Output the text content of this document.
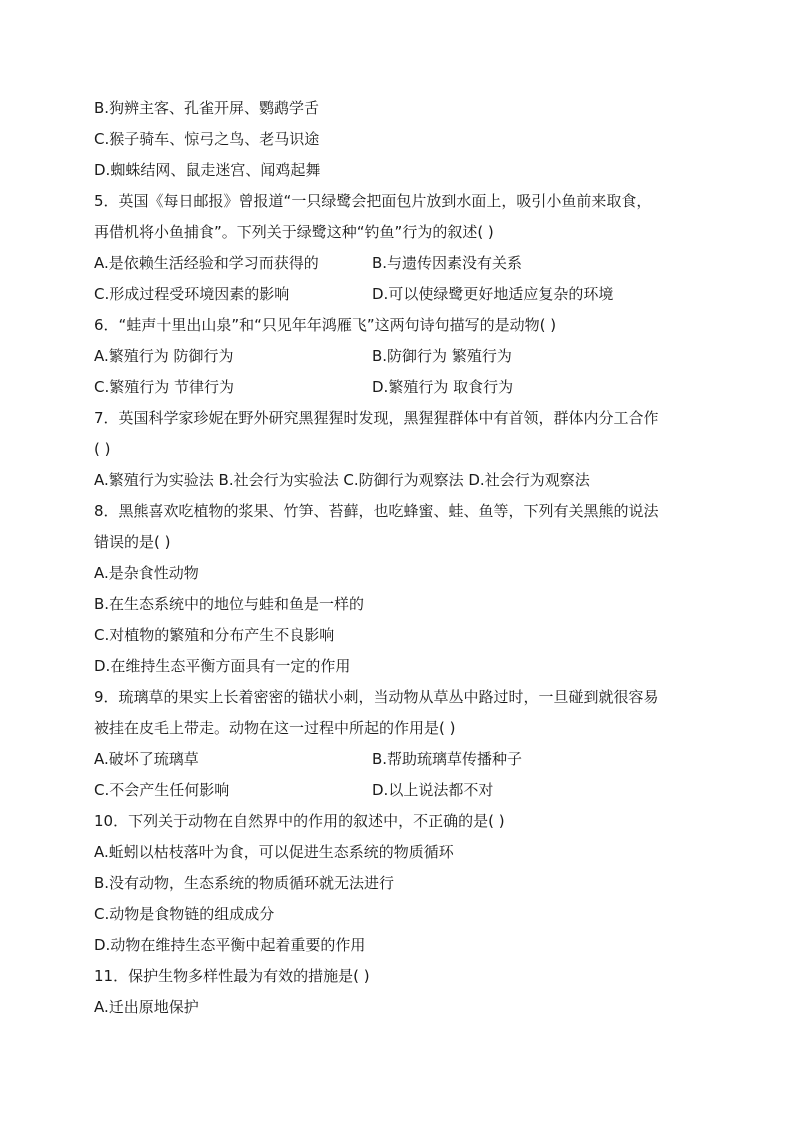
B.狗辨主客、孔雀开屏、鹦鹉学舌
C.猴子骑车、惊弓之鸟、老马识途
D.蜘蛛结网、鼠走迷宫、闻鸡起舞
5．英国《每日邮报》曾报道“一只绿鹭会把面包片放到水面上，吸引小鱼前来取食，
再借机将小鱼捕食”。下列关于绿鹭这种“钓鱼”行为的叙述( )
A.是依赖生活经验和学习而获得的	B.与遗传因素没有关系
C.形成过程受环境因素的影响	D.可以使绿鹭更好地适应复杂的环境
6．“蛙声十里出山泉”和“只见年年鸿雁飞”这两句诗句描写的是动物( )
A.繁殖行为 防御行为	B.防御行为 繁殖行为
C.繁殖行为 节律行为	D.繁殖行为 取食行为
7．英国科学家珍妮在野外研究黑猩猩时发现，黑猩猩群体中有首领，群体内分工合作
( )
A.繁殖行为实验法 B.社会行为实验法 C.防御行为观察法 D.社会行为观察法
8．黑熊喜欢吃植物的浆果、竹笋、苔藓，也吃蜂蜜、蛙、鱼等，下列有关黑熊的说法
错误的是( )
A.是杂食性动物
B.在生态系统中的地位与蛙和鱼是一样的
C.对植物的繁殖和分布产生不良影响
D.在维持生态平衡方面具有一定的作用
9．琉璃草的果实上长着密密的锚状小刺，当动物从草丛中路过时，一旦碰到就很容易
被挂在皮毛上带走。动物在这一过程中所起的作用是( )
A.破坏了琉璃草	B.帮助琉璃草传播种子
C.不会产生任何影响	D.以上说法都不对
10．下列关于动物在自然界中的作用的叙述中，不正确的是( )
A.蚯蚓以枯枝落叶为食，可以促进生态系统的物质循环
B.没有动物，生态系统的物质循环就无法进行
C.动物是食物链的组成成分
D.动物在维持生态平衡中起着重要的作用
11．保护生物多样性最为有效的措施是( )
A.迁出原地保护
